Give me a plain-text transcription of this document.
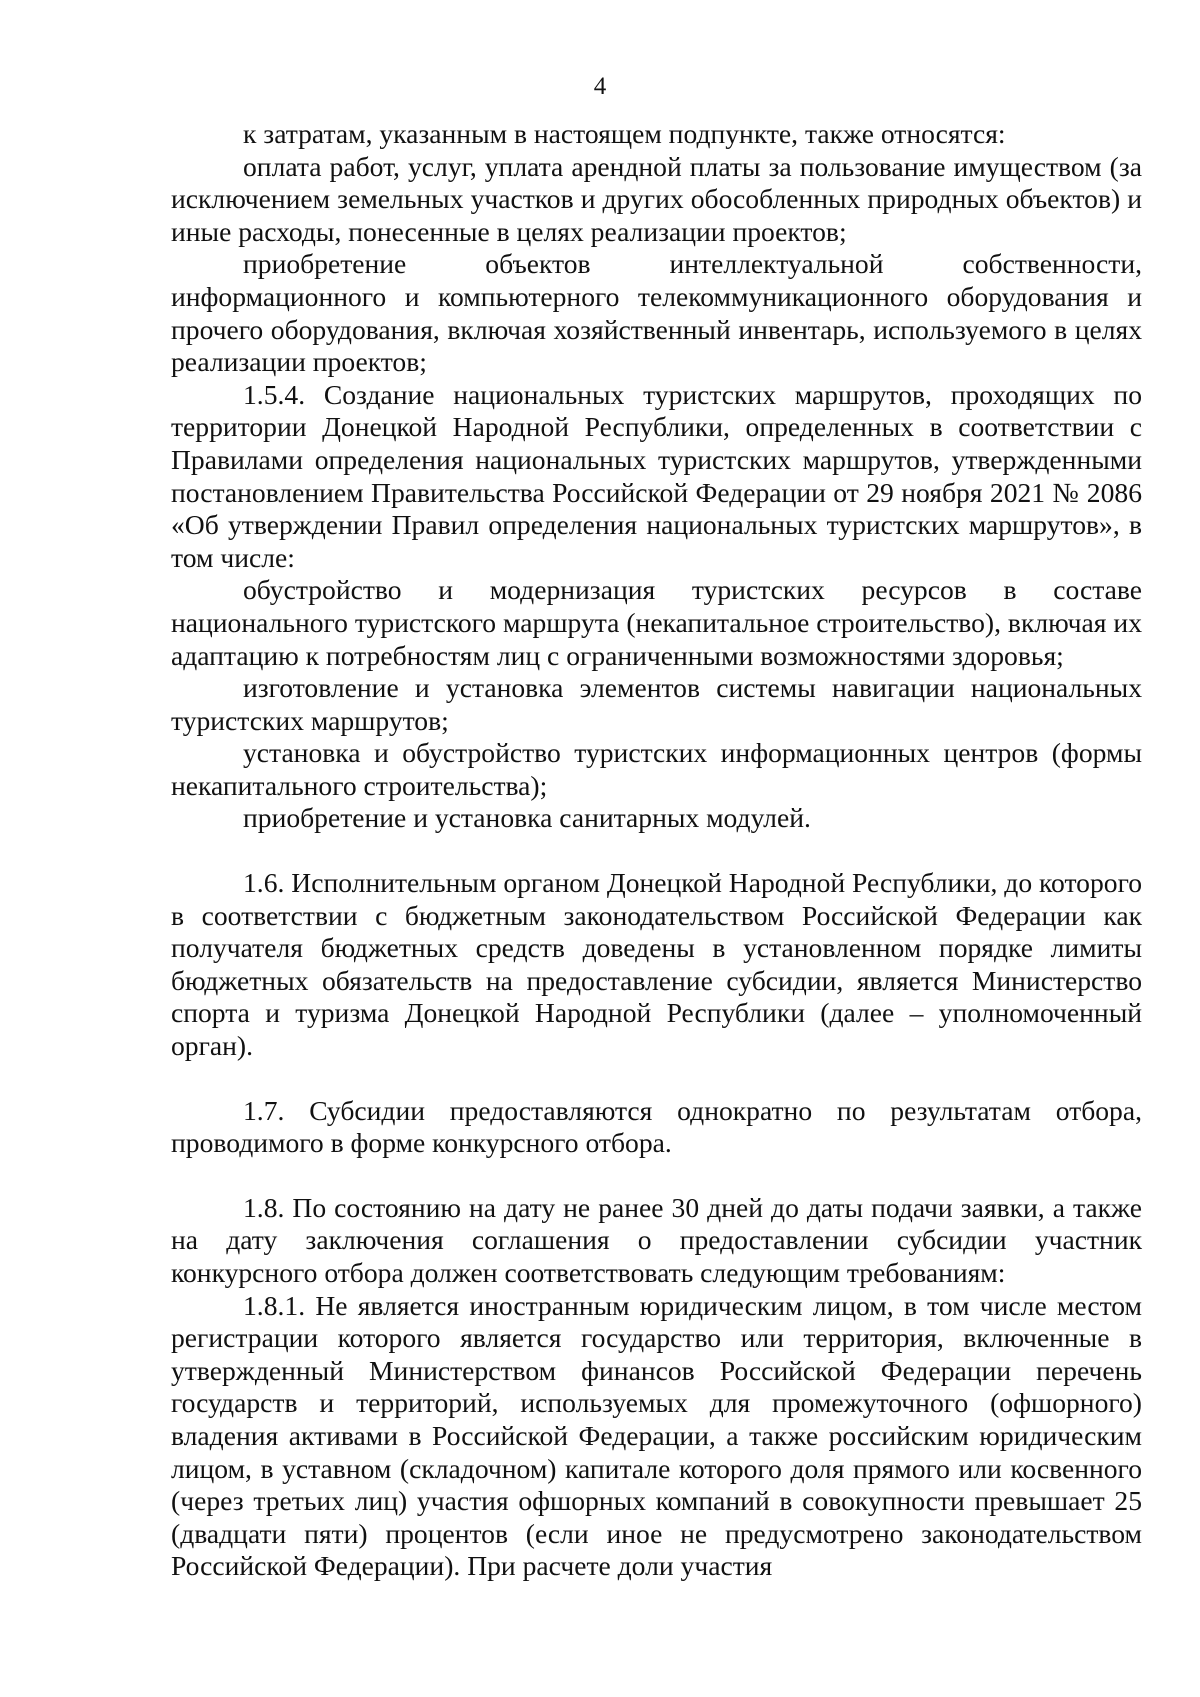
4

к затратам, указанным в настоящем подпункте, также относятся:

оплата работ, услуг, уплата арендной платы за пользование имуществом (за исключением земельных участков и других обособленных природных объектов) и иные расходы, понесенные в целях реализации проектов;

приобретение объектов интеллектуальной собственности, информационного и компьютерного телекоммуникационного оборудования и прочего оборудования, включая хозяйственный инвентарь, используемого в целях реализации проектов;

1.5.4. Создание национальных туристских маршрутов, проходящих по территории Донецкой Народной Республики, определенных в соответствии с Правилами определения национальных туристских маршрутов, утвержденными постановлением Правительства Российской Федерации от 29 ноября 2021 № 2086 «Об утверждении Правил определения национальных туристских маршрутов», в том числе:

обустройство и модернизация туристских ресурсов в составе национального туристского маршрута (некапитальное строительство), включая их адаптацию к потребностям лиц с ограниченными возможностями здоровья;

изготовление и установка элементов системы навигации национальных туристских маршрутов;

установка и обустройство туристских информационных центров (формы некапитального строительства);

приобретение и установка санитарных модулей.

1.6. Исполнительным органом Донецкой Народной Республики, до которого в соответствии с бюджетным законодательством Российской Федерации как получателя бюджетных средств доведены в установленном порядке лимиты бюджетных обязательств на предоставление субсидии, является Министерство спорта и туризма Донецкой Народной Республики (далее – уполномоченный орган).

1.7. Субсидии предоставляются однократно по результатам отбора, проводимого в форме конкурсного отбора.

1.8. По состоянию на дату не ранее 30 дней до даты подачи заявки, а также на дату заключения соглашения о предоставлении субсидии участник конкурсного отбора должен соответствовать следующим требованиям:

1.8.1. Не является иностранным юридическим лицом, в том числе местом регистрации которого является государство или территория, включенные в утвержденный Министерством финансов Российской Федерации перечень государств и территорий, используемых для промежуточного (офшорного) владения активами в Российской Федерации, а также российским юридическим лицом, в уставном (складочном) капитале которого доля прямого или косвенного (через третьих лиц) участия офшорных компаний в совокупности превышает 25 (двадцати пяти) процентов (если иное не предусмотрено законодательством Российской Федерации). При расчете доли участия
